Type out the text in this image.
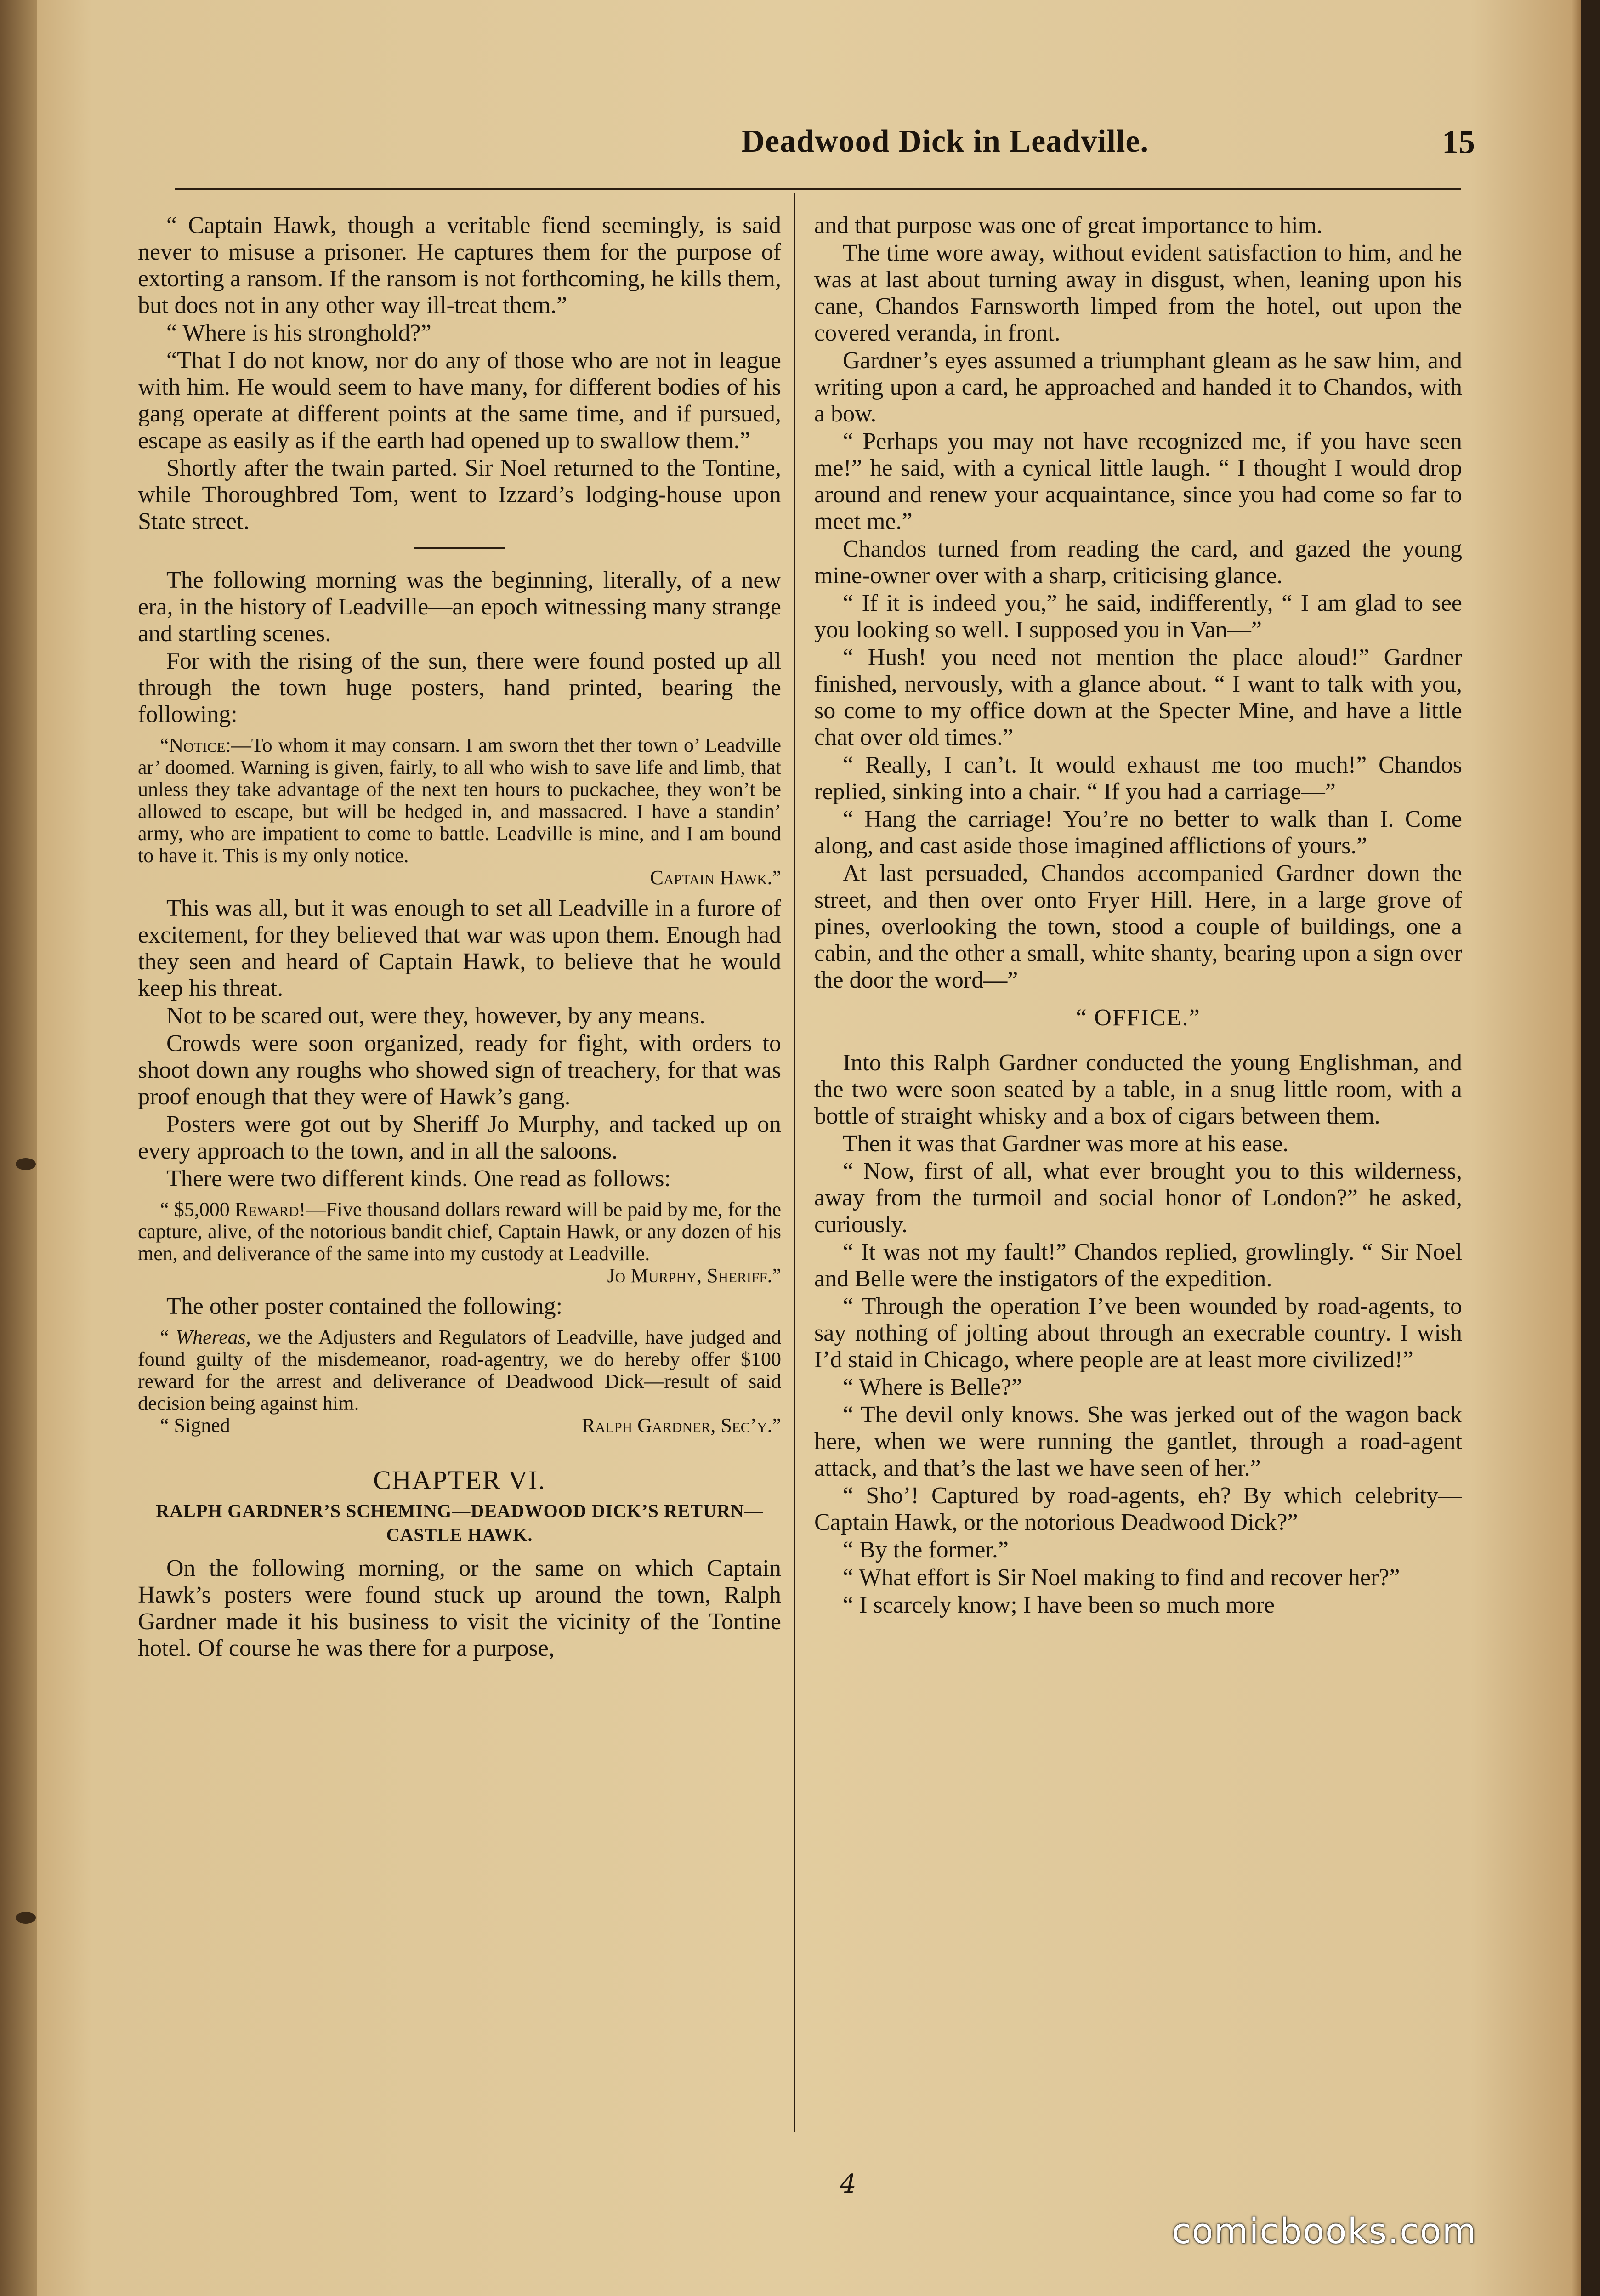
Deadwood Dick in Leadville.	15

“ Captain Hawk, though a veritable fiend seemingly, is said never to misuse a prisoner. He captures them for the purpose of extorting a ransom. If the ransom is not forthcoming, he kills them, but does not in any other way ill-treat them.”

“ Where is his stronghold?”

“That I do not know, nor do any of those who are not in league with him. He would seem to have many, for different bodies of his gang operate at different points at the same time, and if pursued, escape as easily as if the earth had opened up to swallow them.”

Shortly after the twain parted. Sir Noel returned to the Tontine, while Thoroughbred Tom, went to Izzard’s lodging-house upon State street.

The following morning was the beginning, literally, of a new era, in the history of Leadville—an epoch witnessing many strange and startling scenes.

For with the rising of the sun, there were found posted up all through the town huge posters, hand printed, bearing the following:

“Notice:—To whom it may consarn. I am sworn thet ther town o’ Leadville ar’ doomed. Warning is given, fairly, to all who wish to save life and limb, that unless they take advantage of the next ten hours to puckachee, they won’t be allowed to escape, but will be hedged in, and massacred. I have a standin’ army, who are impatient to come to battle. Leadville is mine, and I am bound to have it. This is my only notice.
Captain Hawk.”

This was all, but it was enough to set all Leadville in a furore of excitement, for they believed that war was upon them. Enough had they seen and heard of Captain Hawk, to believe that he would keep his threat.

Not to be scared out, were they, however, by any means.

Crowds were soon organized, ready for fight, with orders to shoot down any roughs who showed sign of treachery, for that was proof enough that they were of Hawk’s gang.

Posters were got out by Sheriff Jo Murphy, and tacked up on every approach to the town, and in all the saloons.

There were two different kinds. One read as follows:

“ $5,000 Reward!—Five thousand dollars reward will be paid by me, for the capture, alive, of the notorious bandit chief, Captain Hawk, or any dozen of his men, and deliverance of the same into my custody at Leadville.
Jo Murphy, Sheriff.”

The other poster contained the following:

“ Whereas, we the Adjusters and Regulators of Leadville, have judged and found guilty of the misdemeanor, road-agentry, we do hereby offer $100 reward for the arrest and deliverance of Deadwood Dick—result of said decision being against him.
“ Signed	Ralph Gardner, Sec’y.”

CHAPTER VI.
RALPH GARDNER’S SCHEMING—DEADWOOD DICK’S RETURN—CASTLE HAWK.

On the following morning, or the same on which Captain Hawk’s posters were found stuck up around the town, Ralph Gardner made it his business to visit the vicinity of the Tontine hotel. Of course he was there for a purpose,

and that purpose was one of great importance to him.

The time wore away, without evident satisfaction to him, and he was at last about turning away in disgust, when, leaning upon his cane, Chandos Farnsworth limped from the hotel, out upon the covered veranda, in front.

Gardner’s eyes assumed a triumphant gleam as he saw him, and writing upon a card, he approached and handed it to Chandos, with a bow.

“ Perhaps you may not have recognized me, if you have seen me!” he said, with a cynical little laugh. “ I thought I would drop around and renew your acquaintance, since you had come so far to meet me.”

Chandos turned from reading the card, and gazed the young mine-owner over with a sharp, criticising glance.

“ If it is indeed you,” he said, indifferently, “ I am glad to see you looking so well. I supposed you in Van—”

“ Hush! you need not mention the place aloud!” Gardner finished, nervously, with a glance about. “ I want to talk with you, so come to my office down at the Specter Mine, and have a little chat over old times.”

“ Really, I can’t. It would exhaust me too much!” Chandos replied, sinking into a chair. “ If you had a carriage—”

“ Hang the carriage! You’re no better to walk than I. Come along, and cast aside those imagined afflictions of yours.”

At last persuaded, Chandos accompanied Gardner down the street, and then over onto Fryer Hill. Here, in a large grove of pines, overlooking the town, stood a couple of buildings, one a cabin, and the other a small, white shanty, bearing upon a sign over the door the word—”

“ OFFICE.”

Into this Ralph Gardner conducted the young Englishman, and the two were soon seated by a table, in a snug little room, with a bottle of straight whisky and a box of cigars between them.

Then it was that Gardner was more at his ease.

“ Now, first of all, what ever brought you to this wilderness, away from the turmoil and social honor of London?” he asked, curiously.

“ It was not my fault!” Chandos replied, growlingly. “ Sir Noel and Belle were the instigators of the expedition.

“ Through the operation I’ve been wounded by road-agents, to say nothing of jolting about through an execrable country. I wish I’d staid in Chicago, where people are at least more civilized!”

“ Where is Belle?”

“ The devil only knows. She was jerked out of the wagon back here, when we were running the gantlet, through a road-agent attack, and that’s the last we have seen of her.”

“ Sho’! Captured by road-agents, eh? By which celebrity—Captain Hawk, or the notorious Deadwood Dick?”

“ By the former.”

“ What effort is Sir Noel making to find and recover her?”

“ I scarcely know; I have been so much more

4
comicbooks.com
